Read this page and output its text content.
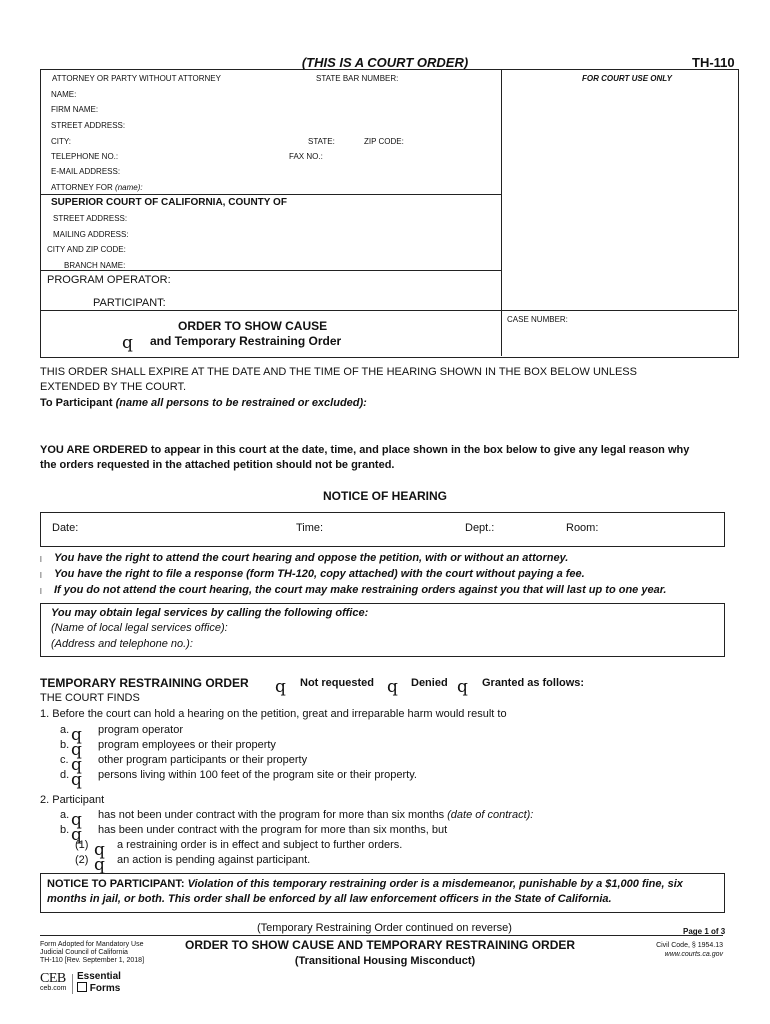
(THIS IS A COURT ORDER)	TH-110
ATTORNEY OR PARTY WITHOUT ATTORNEY	STATE BAR NUMBER:	FOR COURT USE ONLY
NAME:
FIRM NAME:
STREET ADDRESS:
CITY:	STATE:	ZIP CODE:
TELEPHONE NO.:	FAX NO.:
E-MAIL ADDRESS:
ATTORNEY FOR (name):
SUPERIOR COURT OF CALIFORNIA, COUNTY OF
STREET ADDRESS:
MAILING ADDRESS:
CITY AND ZIP CODE:
BRANCH NAME:
PROGRAM OPERATOR:
PARTICIPANT:
ORDER TO SHOW CAUSE
q and Temporary Restraining Order
CASE NUMBER:
THIS ORDER SHALL EXPIRE AT THE DATE AND THE TIME OF THE HEARING SHOWN IN THE BOX BELOW UNLESS
EXTENDED BY THE COURT.
To Participant (name all persons to be restrained or excluded):
YOU ARE ORDERED to appear in this court at the date, time, and place shown in the box below to give any legal reason why
the orders requested in the attached petition should not be granted.
NOTICE OF HEARING
Date:	Time:	Dept.:	Room:
l You have the right to attend the court hearing and oppose the petition, with or without an attorney.
l You have the right to file a response (form TH-120, copy attached) with the court without paying a fee.
l If you do not attend the court hearing, the court may make restraining orders against you that will last up to one year.
You may obtain legal services by calling the following office:
(Name of local legal services office):
(Address and telephone no.):
TEMPORARY RESTRAINING ORDER q Not requested q Denied q Granted as follows:
THE COURT FINDS
1. Before the court can hold a hearing on the petition, great and irreparable harm would result to
a. q program operator
b. q program employees or their property
c. q other program participants or their property
d. q persons living within 100 feet of the program site or their property.
2. Participant
a. q has not been under contract with the program for more than six months (date of contract):
b. q has been under contract with the program for more than six months, but
(1) q a restraining order is in effect and subject to further orders.
(2) q an action is pending against participant.
NOTICE TO PARTICIPANT: Violation of this temporary restraining order is a misdemeanor, punishable by a $1,000 fine, six
months in jail, or both. This order shall be enforced by all law enforcement officers in the State of California.
(Temporary Restraining Order continued on reverse)	Page 1 of 3
Form Adopted for Mandatory Use
Judicial Council of California
TH-110 [Rev. September 1, 2018]
ORDER TO SHOW CAUSE AND TEMPORARY RESTRAINING ORDER
(Transitional Housing Misconduct)
Civil Code, § 1954.13
www.courts.ca.gov
CEB
ceb.com
Essential
Forms
